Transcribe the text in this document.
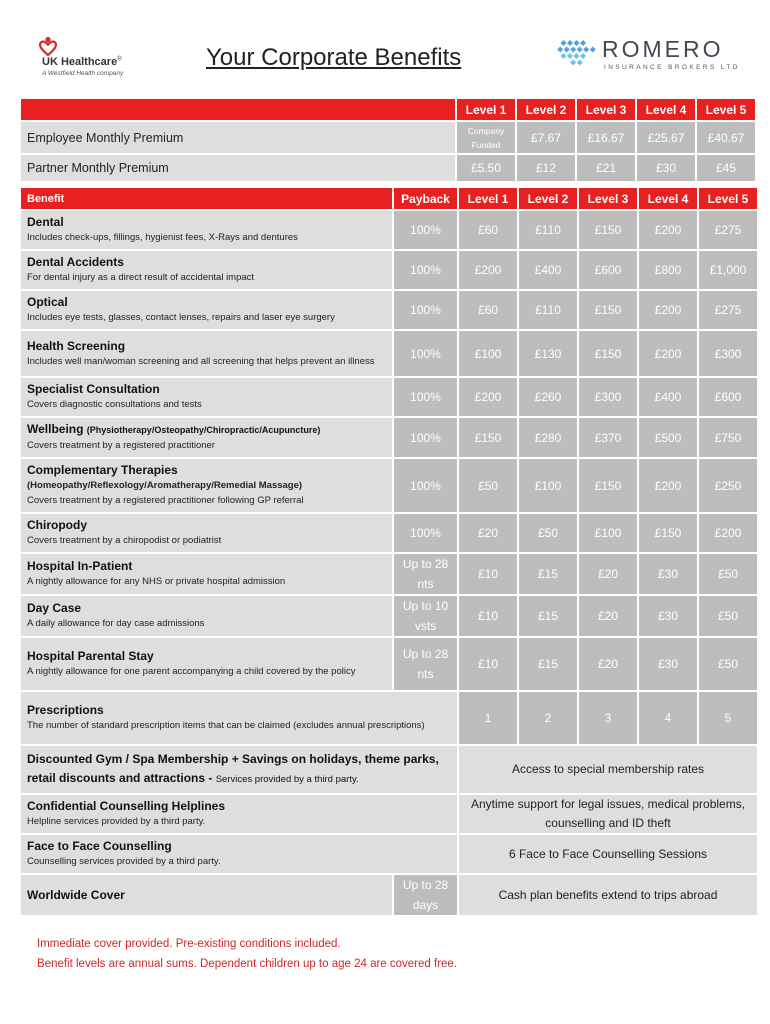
UK Healthcare®
A Westfield Health company
Your Corporate Benefits	ROMERO
INSURANCE BROKERS LTD
	Level 1	Level 2	Level 3	Level 4	Level 5
Employee Monthly Premium	Company Funded	£7.67	£16.67	£25.67	£40.67
Partner Monthly Premium	£5.50	£12	£21	£30	£45
Benefit	Payback	Level 1	Level 2	Level 3	Level 4	Level 5

Dental
Includes check-ups, fillings, hygienist fees, X-Rays and dentures	100%	£60	£110	£150	£200	£275

Dental Accidents
For dental injury as a direct result of accidental impact	100%	£200	£400	£600	£800	£1,000

Optical
Includes eye tests, glasses, contact lenses, repairs and laser eye surgery	100%	£60	£110	£150	£200	£275

Health Screening
Includes well man/woman screening and all screening that helps prevent an illness	100%	£100	£130	£150	£200	£300

Specialist Consultation
Covers diagnostic consultations and tests	100%	£200	£260	£300	£400	£600

Wellbeing (Physiotherapy/Osteopathy/Chiropractic/Acupuncture)
Covers treatment by a registered practitioner	100%	£150	£280	£370	£500	£750

Complementary Therapies
(Homeopathy/Reflexology/Aromatherapy/Remedial Massage)
Covers treatment by a registered practitioner following GP referral	100%	£50	£100	£150	£200	£250

Chiropody
Covers treatment by a chiropodist or podiatrist	100%	£20	£50	£100	£150	£200

Hospital In-Patient
A nightly allowance for any NHS or private hospital admission	Up to 28 nts	£10	£15	£20	£30	£50

Day Case
A daily allowance for day case admissions	Up to 10 vsts	£10	£15	£20	£30	£50

Hospital Parental Stay
A nightly allowance for one parent accompanying a child covered by the policy	Up to 28 nts	£10	£15	£20	£30	£50

Prescriptions
The number of standard prescription items that can be claimed (excludes annual prescriptions)		1	2	3	4	5

Discounted Gym / Spa Membership + Savings on holidays, theme parks, retail discounts and attractions - Services provided by a third party.		Access to special membership rates				

Confidential Counselling Helplines
Helpline services provided by a third party.		Anytime support for legal issues, medical problems, counselling and ID theft				

Face to Face Counselling
Counselling services provided by a third party.		6 Face to Face Counselling Sessions				

Worldwide Cover	Up to 28 days	Cash plan benefits extend to trips abroad				
Immediate cover provided. Pre-existing conditions included.
Benefit levels are annual sums. Dependent children up to age 24 are covered free.
